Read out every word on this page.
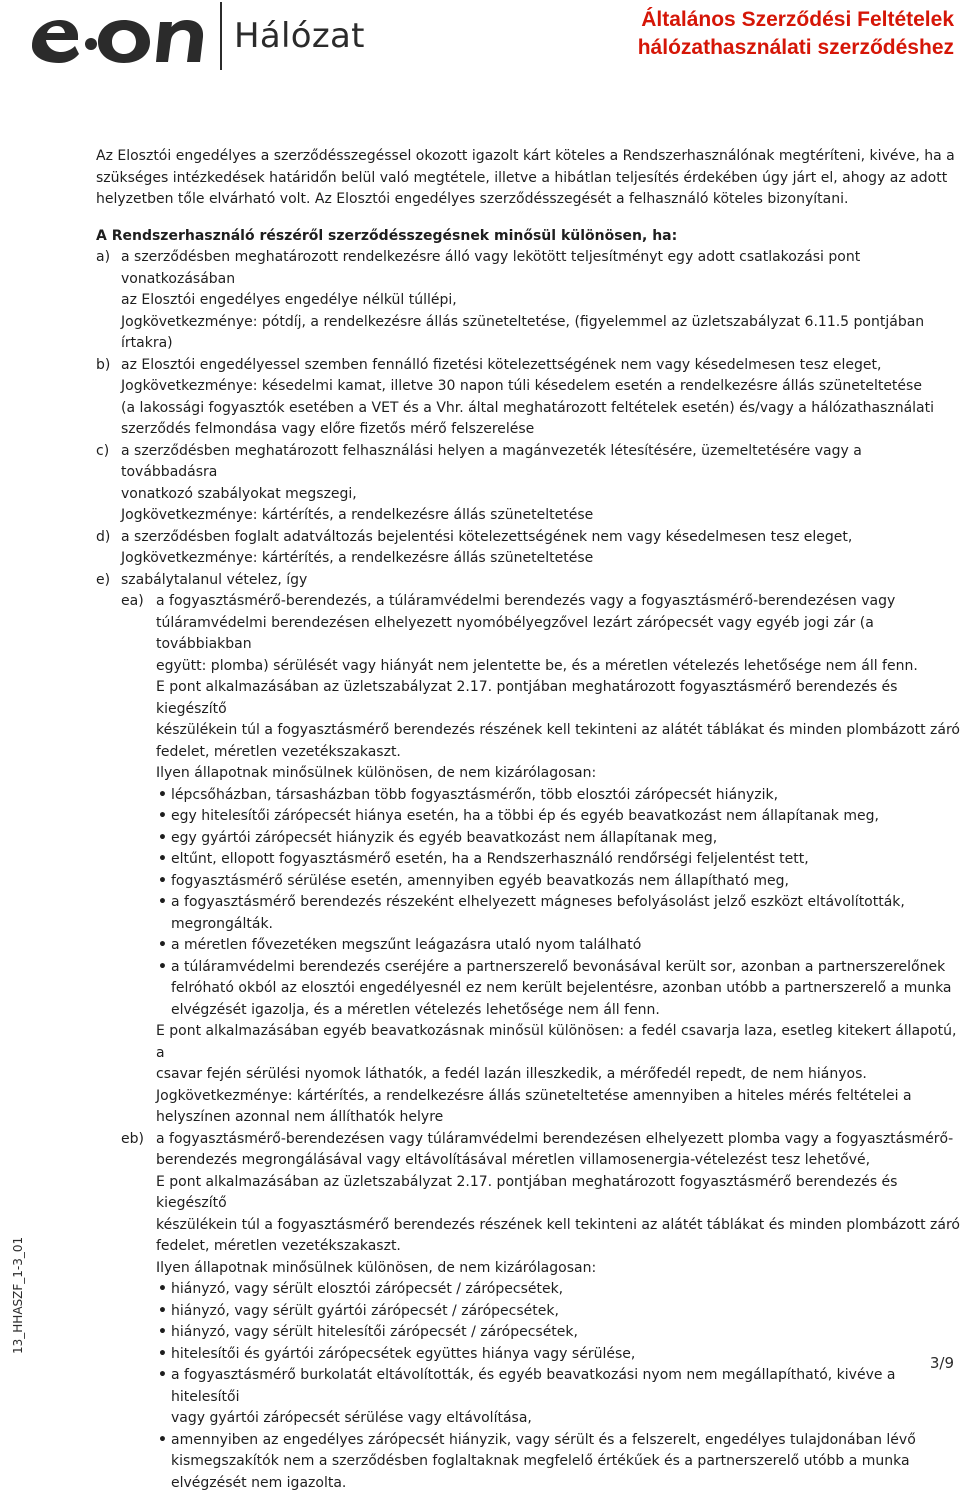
Hálózat	Általános Szerződési Feltételek
hálózathasználati szerződéshez
Az Elosztói engedélyes a szerződésszegéssel okozott igazolt kárt köteles a Rendszerhasználónak megtéríteni, kivéve, ha a
szükséges intézkedések határidőn belül való megtétele, illetve a hibátlan teljesítés érdekében úgy járt el, ahogy az adott
helyzetben tőle elvárható volt. Az Elosztói engedélyes szerződésszegését a felhasználó köteles bizonyítani.
A Rendszerhasználó részéről szerződésszegésnek minősül különösen, ha:
a) a szerződésben meghatározott rendelkezésre álló vagy lekötött teljesítményt egy adott csatlakozási pont vonatkozásában
az Elosztói engedélyes engedélye nélkül túllépi,
Jogkövetkezménye: pótdíj, a rendelkezésre állás szüneteltetése, (figyelemmel az üzletszabályzat 6.11.5 pontjában írtakra)
b) az Elosztói engedélyessel szemben fennálló fizetési kötelezettségének nem vagy késedelmesen tesz eleget,
Jogkövetkezménye: késedelmi kamat, illetve 30 napon túli késedelem esetén a rendelkezésre állás szüneteltetése
(a lakossági fogyasztók esetében a VET és a Vhr. által meghatározott feltételek esetén) és/vagy a hálózathasználati
szerződés felmondása vagy előre fizetős mérő felszerelése
c) a szerződésben meghatározott felhasználási helyen a magánvezeték létesítésére, üzemeltetésére vagy a továbbadásra
vonatkozó szabályokat megszegi,
Jogkövetkezménye: kártérítés, a rendelkezésre állás szüneteltetése
d) a szerződésben foglalt adatváltozás bejelentési kötelezettségének nem vagy késedelmesen tesz eleget,
Jogkövetkezménye: kártérítés, a rendelkezésre állás szüneteltetése
e) szabálytalanul vételez, így
ea) a fogyasztásmérő-berendezés, a túláramvédelmi berendezés vagy a fogyasztásmérő-berendezésen vagy
túláramvédelmi berendezésen elhelyezett nyomóbélyegzővel lezárt zárópecsét vagy egyéb jogi zár (a továbbiakban
együtt: plomba) sérülését vagy hiányát nem jelentette be, és a méretlen vételezés lehetősége nem áll fenn.
E pont alkalmazásában az üzletszabályzat 2.17. pontjában meghatározott fogyasztásmérő berendezés és kiegészítő
készülékein túl a fogyasztásmérő berendezés részének kell tekinteni az alátét táblákat és minden plombázott záró
fedelet, méretlen vezetékszakaszt.
Ilyen állapotnak minősülnek különösen, de nem kizárólagosan:
• lépcsőházban, társasházban több fogyasztásmérőn, több elosztói zárópecsét hiányzik,
• egy hitelesítői zárópecsét hiánya esetén, ha a többi ép és egyéb beavatkozást nem állapítanak meg,
• egy gyártói zárópecsét hiányzik és egyéb beavatkozást nem állapítanak meg,
• eltűnt, ellopott fogyasztásmérő esetén, ha a Rendszerhasználó rendőrségi feljelentést tett,
• fogyasztásmérő sérülése esetén, amennyiben egyéb beavatkozás nem állapítható meg,
• a fogyasztásmérő berendezés részeként elhelyezett mágneses befolyásolást jelző eszközt eltávolították,
megrongálták.
• a méretlen fővezetéken megszűnt leágazásra utaló nyom található
• a túláramvédelmi berendezés cseréjére a partnerszerelő bevonásával került sor, azonban a partnerszerelőnek
felróható okból az elosztói engedélyesnél ez nem került bejelentésre, azonban utóbb a partnerszerelő a munka
elvégzését igazolja, és a méretlen vételezés lehetősége nem áll fenn.
E pont alkalmazásában egyéb beavatkozásnak minősül különösen: a fedél csavarja laza, esetleg kitekert állapotú, a
csavar fején sérülési nyomok láthatók, a fedél lazán illeszkedik, a mérőfedél repedt, de nem hiányos.
Jogkövetkezménye: kártérítés, a rendelkezésre állás szüneteltetése amennyiben a hiteles mérés feltételei a
helyszínen azonnal nem állíthatók helyre
eb) a fogyasztásmérő-berendezésen vagy túláramvédelmi berendezésen elhelyezett plomba vagy a fogyasztásmérő-
berendezés megrongálásával vagy eltávolításával méretlen villamosenergia-vételezést tesz lehetővé,
E pont alkalmazásában az üzletszabályzat 2.17. pontjában meghatározott fogyasztásmérő berendezés és kiegészítő
készülékein túl a fogyasztásmérő berendezés részének kell tekinteni az alátét táblákat és minden plombázott záró
fedelet, méretlen vezetékszakaszt.
Ilyen állapotnak minősülnek különösen, de nem kizárólagosan:
• hiányzó, vagy sérült elosztói zárópecsét / zárópecsétek,
• hiányzó, vagy sérült gyártói zárópecsét / zárópecsétek,
• hiányzó, vagy sérült hitelesítői zárópecsét / zárópecsétek,
• hitelesítői és gyártói zárópecsétek együttes hiánya vagy sérülése,
• a fogyasztásmérő burkolatát eltávolították, és egyéb beavatkozási nyom nem megállapítható, kivéve a hitelesítői
vagy gyártói zárópecsét sérülése vagy eltávolítása,
• amennyiben az engedélyes zárópecsét hiányzik, vagy sérült és a felszerelt, engedélyes tulajdonában lévő
kismegszakítók nem a szerződésben foglaltaknak megfelelő értékűek és a partnerszerelő utóbb a munka
elvégzését nem igazolta.
13_HHASZF_1-3_01
3/9
